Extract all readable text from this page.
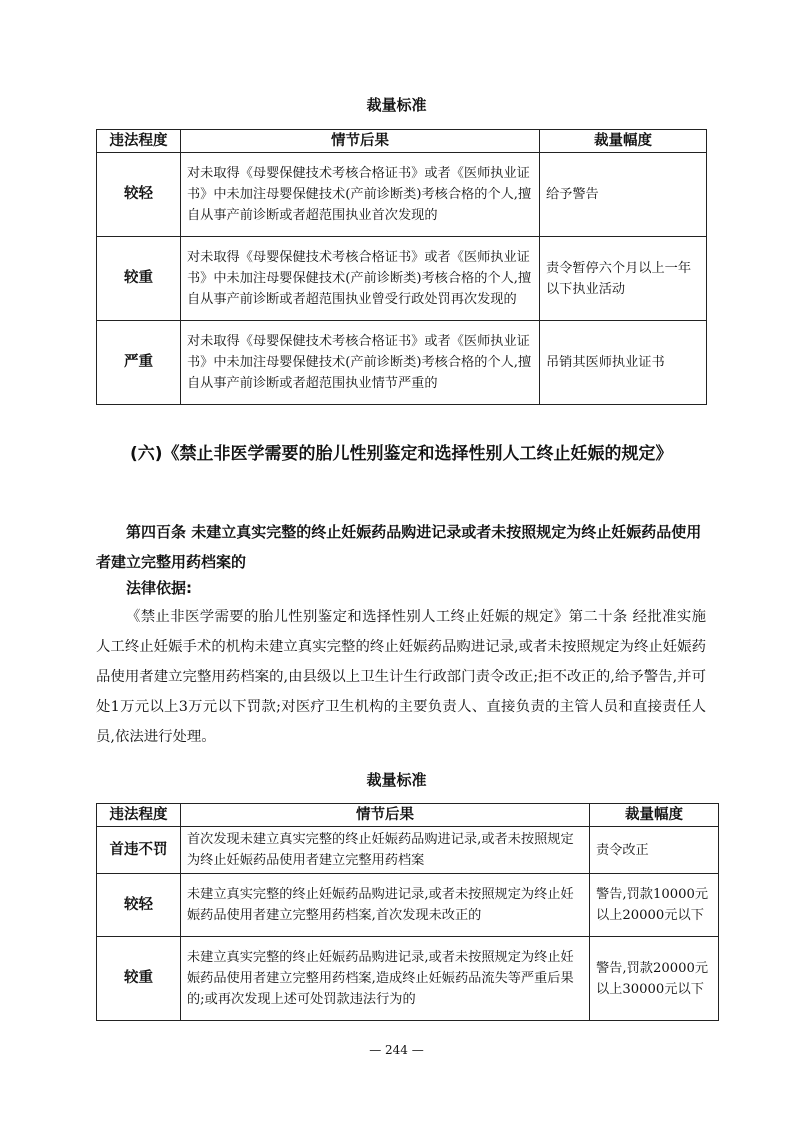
裁量标准
违法程度	情节后果	裁量幅度
较轻	对未取得《母婴保健技术考核合格证书》或者《医师执业证书》中未加注母婴保健技术(产前诊断类)考核合格的个人,擅自从事产前诊断或者超范围执业首次发现的	给予警告
较重	对未取得《母婴保健技术考核合格证书》或者《医师执业证书》中未加注母婴保健技术(产前诊断类)考核合格的个人,擅自从事产前诊断或者超范围执业曾受行政处罚再次发现的	责令暂停六个月以上一年以下执业活动
严重	对未取得《母婴保健技术考核合格证书》或者《医师执业证书》中未加注母婴保健技术(产前诊断类)考核合格的个人,擅自从事产前诊断或者超范围执业情节严重的	吊销其医师执业证书
(六)《禁止非医学需要的胎儿性别鉴定和选择性别人工终止妊娠的规定》
第四百条 未建立真实完整的终止妊娠药品购进记录或者未按照规定为终止妊娠药品使用者建立完整用药档案的
法律依据:
《禁止非医学需要的胎儿性别鉴定和选择性别人工终止妊娠的规定》第二十条 经批准实施人工终止妊娠手术的机构未建立真实完整的终止妊娠药品购进记录,或者未按照规定为终止妊娠药品使用者建立完整用药档案的,由县级以上卫生计生行政部门责令改正;拒不改正的,给予警告,并可处1万元以上3万元以下罚款;对医疗卫生机构的主要负责人、直接负责的主管人员和直接责任人员,依法进行处理。
裁量标准
违法程度	情节后果	裁量幅度
首违不罚	首次发现未建立真实完整的终止妊娠药品购进记录,或者未按照规定为终止妊娠药品使用者建立完整用药档案	责令改正
较轻	未建立真实完整的终止妊娠药品购进记录,或者未按照规定为终止妊娠药品使用者建立完整用药档案,首次发现未改正的	警告,罚款10000元以上20000元以下
较重	未建立真实完整的终止妊娠药品购进记录,或者未按照规定为终止妊娠药品使用者建立完整用药档案,造成终止妊娠药品流失等严重后果的;或再次发现上述可处罚款违法行为的	警告,罚款20000元以上30000元以下
— 244 —
